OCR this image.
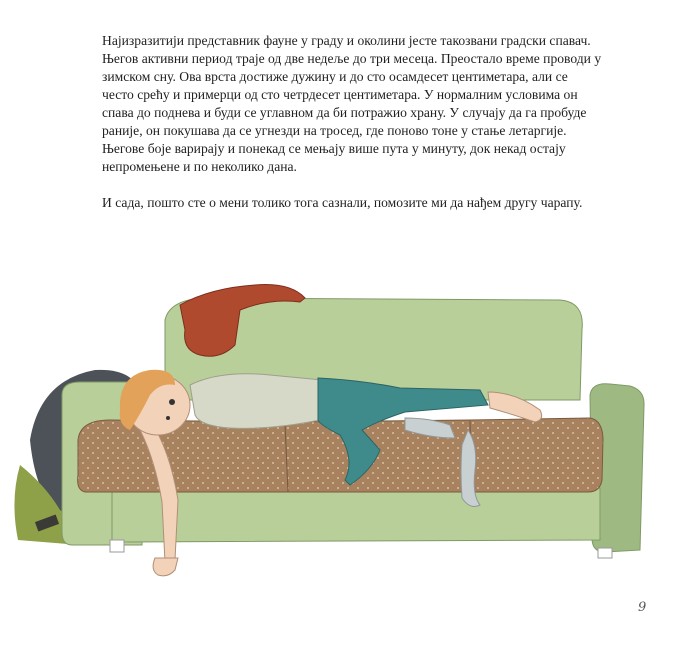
Најизразитији представник фауне у граду и околини јесте такозвани градски спавач. Његов активни период траје од две недеље до три месеца. Преостало време проводи у зимском сну. Ова врста достиже дужину и до сто осамдесет центиметара, али се често срећу и примерци од сто четрдесет центиметара. У нормалним условима он спава до поднева и буди се углавном да би потражио храну. У случају да га пробуде раније, он покушава да се угнезди на тросед, где поново тоне у стање летаргије. Његове боје варирају и понекад се мењају више пута у минуту, док некад остају непромењене и по неколико дана.

И сада, пошто сте о мени толико тога сазнали, помозите ми да нађем другу чарапу.

9
